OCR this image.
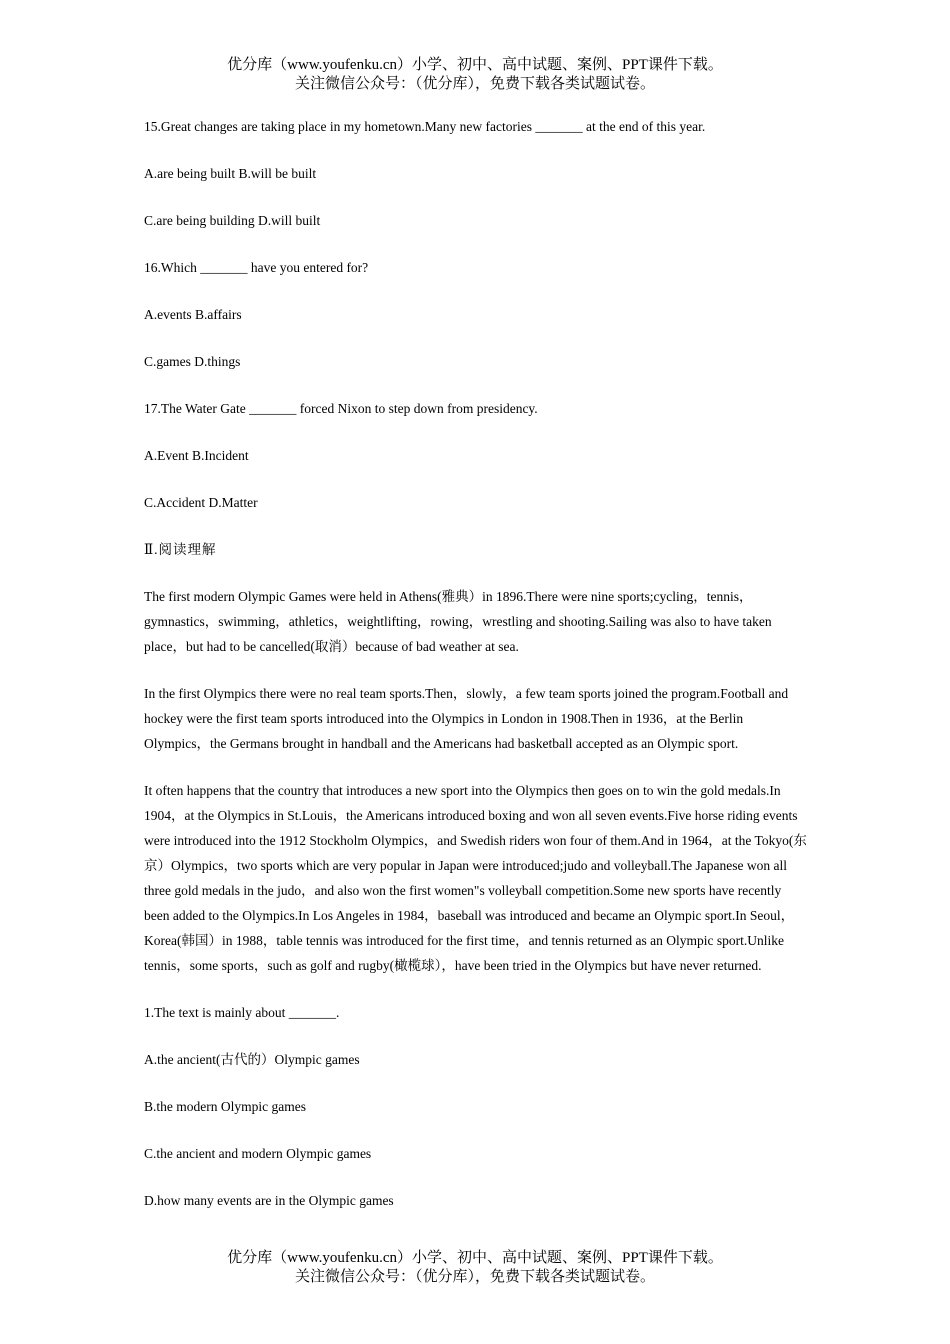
优分库（www.youfenku.cn）小学、初中、高中试题、案例、PPT课件下载。
关注微信公众号：（优分库），免费下载各类试题试卷。

15.Great changes are taking place in my hometown.Many new factories _______ at the end of this year.

A.are being built B.will be built

C.are being building D.will built

16.Which _______ have you entered for?

A.events B.affairs

C.games D.things

17.The Water Gate _______ forced Nixon to step down from presidency.

A.Event B.Incident

C.Accident D.Matter

Ⅱ.阅读理解

The first modern Olympic Games were held in Athens(雅典）in 1896.There were nine sports;cycling，tennis，gymnastics，swimming，athletics，weightlifting，rowing，wrestling and shooting.Sailing was also to have taken place，but had to be cancelled(取消）because of bad weather at sea.

In the first Olympics there were no real team sports.Then，slowly，a few team sports joined the program.Football and hockey were the first team sports introduced into the Olympics in London in 1908.Then in 1936，at the Berlin Olympics，the Germans brought in handball and the Americans had basketball accepted as an Olympic sport.

It often happens that the country that introduces a new sport into the Olympics then goes on to win the gold medals.In 1904，at the Olympics in St.Louis，the Americans introduced boxing and won all seven events.Five horse riding events were introduced into the 1912 Stockholm Olympics，and Swedish riders won four of them.And in 1964，at the Tokyo(东京）Olympics，two sports which are very popular in Japan were introduced;judo and volleyball.The Japanese won all three gold medals in the judo，and also won the first women"s volleyball competition.Some new sports have recently been added to the Olympics.In Los Angeles in 1984，baseball was introduced and became an Olympic sport.In Seoul，Korea(韩国）in 1988，table tennis was introduced for the first time，and tennis returned as an Olympic sport.Unlike tennis，some sports，such as golf and rugby(橄榄球），have been tried in the Olympics but have never returned.

1.The text is mainly about _______.

A.the ancient(古代的）Olympic games

B.the modern Olympic games

C.the ancient and modern Olympic games

D.how many events are in the Olympic games

优分库（www.youfenku.cn）小学、初中、高中试题、案例、PPT课件下载。
关注微信公众号：（优分库），免费下载各类试题试卷。
